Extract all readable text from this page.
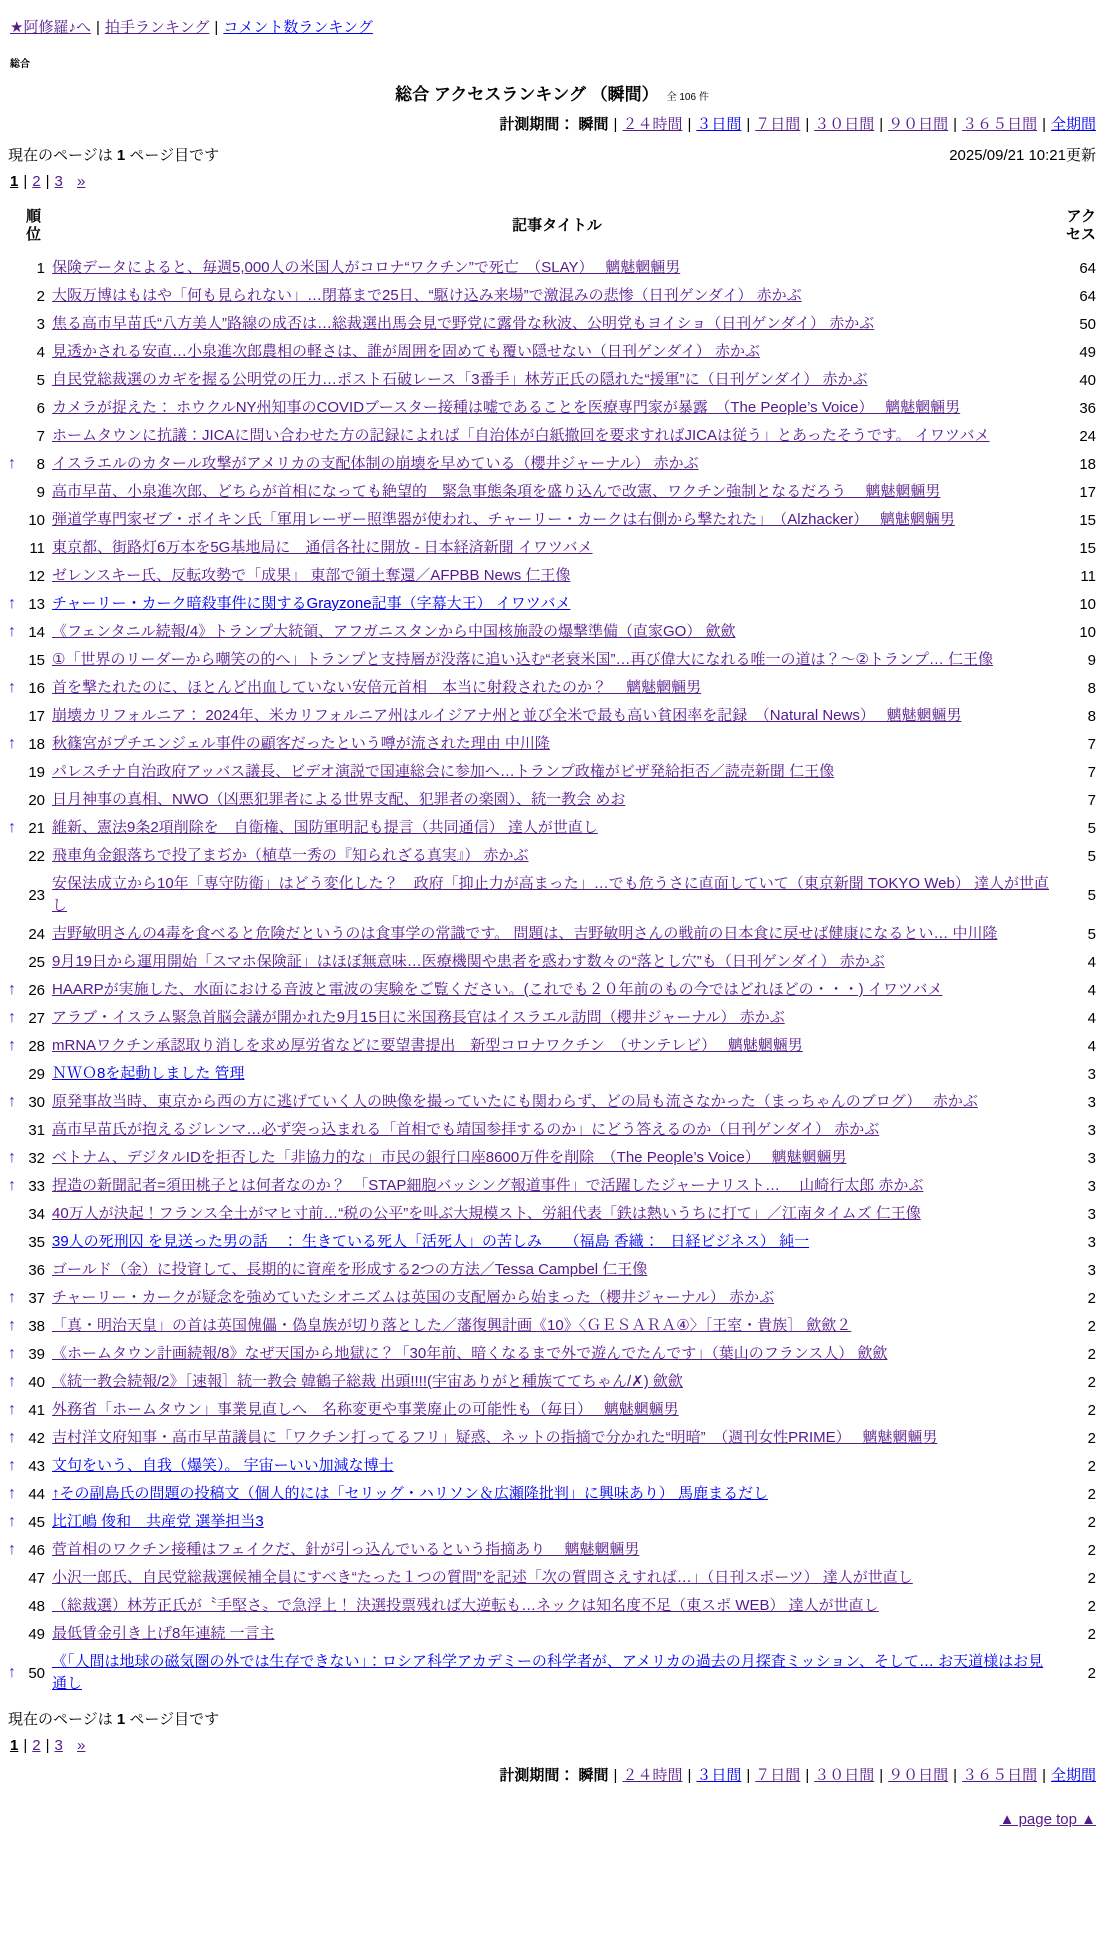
★阿修羅♪へ | 拍手ランキング | コメント数ランキング
総合
総合 アクセスランキング （瞬間） 全 106 件
計測期間： 瞬間 | ２４時間 | ３日間 | ７日間 | ３０日間 | ９０日間 | ３６５日間 | 全期間
現在のページは 1 ページ目です	2025/09/21 10:21更新
1 | 2 | 3 »
	順位	記事タイトル	アクセス
	1	保険データによると、毎週5,000人の米国人がコロナ“ワクチン”で死亡　（SLAY）　 魑魅魍魎男	64
	2	大阪万博はもはや「何も見られない」…閉幕まで25日、“駆け込み来場”で激混みの悲惨（日刊ゲンダイ） 赤かぶ	64
	3	焦る高市早苗氏“八方美人”路線の成否は…総裁選出馬会見で野党に露骨な秋波、公明党もヨイショ（日刊ゲンダイ） 赤かぶ	50
	4	見透かされる安直…小泉進次郎農相の軽さは、誰が周囲を固めても覆い隠せない（日刊ゲンダイ） 赤かぶ	49
	5	自民党総裁選のカギを握る公明党の圧力…ポスト石破レース「3番手」林芳正氏の隠れた“援軍”に（日刊ゲンダイ） 赤かぶ	40
	6	カメラが捉えた： ホウクルNY州知事のCOVIDブースター接種は嘘であることを医療専門家が暴露　（The People’s Voice）　 魑魅魍魎男	36
	7	ホームタウンに抗議：JICAに問い合わせた方の記録によれば「自治体が白紙撤回を要求すればJICAは従う」とあったそうです。 イワツバメ	24
↑	8	イスラエルのカタール攻撃がアメリカの支配体制の崩壊を早めている（櫻井ジャーナル） 赤かぶ	18
	9	高市早苗、小泉進次郎、どちらが首相になっても絶望的　緊急事態条項を盛り込んで改憲、ワクチン強制となるだろう　 魑魅魍魎男	17
	10	弾道学専門家ゼブ・ボイキン氏「軍用レーザー照準器が使われ、チャーリー・カークは右側から撃たれた」　（Alzhacker）　 魑魅魍魎男	15
	11	東京都、街路灯6万本を5G基地局に　通信各社に開放 - 日本経済新聞 イワツバメ	15
	12	ゼレンスキー氏、反転攻勢で「成果」 東部で領土奪還／AFPBB News 仁王像	11
↑	13	チャーリー・カーク暗殺事件に関するGrayzone記事（字幕大王） イワツバメ	10
↑	14	《フェンタニル続報/4》トランプ大統領、アフガニスタンから中国核施設の爆撃準備（直家GO） 歛歛	10
	15	①「世界のリーダーから嘲笑の的へ」トランプと支持層が没落に追い込む“老衰米国”…再び偉大になれる唯一の道は？～②トランプ… 仁王像	9
↑	16	首を撃たれたのに、ほとんど出血していない安倍元首相　本当に射殺されたのか？　 魑魅魍魎男	8
	17	崩壊カリフォルニア： 2024年、米カリフォルニア州はルイジアナ州と並び全米で最も高い貧困率を記録　（Natural News）　 魑魅魍魎男	8
↑	18	秋篠宮がプチエンジェル事件の顧客だったという噂が流された理由 中川隆	7
	19	パレスチナ自治政府アッバス議長、ビデオ演説で国連総会に参加へ…トランプ政権がビザ発給拒否／読売新聞 仁王像	7
	20	日月神事の真相、NWO（凶悪犯罪者による世界支配、犯罪者の楽園）、統一教会 めお	7
↑	21	維新、憲法9条2項削除を　自衛権、国防軍明記も提言（共同通信） 達人が世直し	5
	22	飛車角金銀落ちで投了まぢか（植草一秀の『知られざる真実』） 赤かぶ	5
	23	安保法成立から10年「専守防衛」はどう変化した？　政府「抑止力が高まった」…でも危うさに直面していて（東京新聞 TOKYO Web） 達人が世直し	5
	24	吉野敏明さんの4毒を食べると危険だというのは食事学の常識です。 問題は、吉野敏明さんの戦前の日本食に戻せば健康になるとい… 中川隆	5
	25	9月19日から運用開始「スマホ保険証」はほぼ無意味…医療機関や患者を惑わす数々の“落とし穴”も（日刊ゲンダイ） 赤かぶ	4
↑	26	HAARPが実施した、水面における音波と電波の実験をご覧ください。(これでも２０年前のもの今ではどれほどの・・・) イワツバメ	4
↑	27	アラブ・イスラム緊急首脳会議が開かれた9月15日に米国務長官はイスラエル訪問（櫻井ジャーナル） 赤かぶ	4
↑	28	mRNAワクチン承認取り消しを求め厚労省などに要望書提出　新型コロナワクチン　（サンテレビ）　 魑魅魍魎男	4
	29	ＮＷＯ8を起動しました 管理	3
↑	30	原発事故当時、東京から西の方に逃げていく人の映像を撮っていたにも関わらず、どの局も流さなかった（まっちゃんのブログ）　 赤かぶ	3
	31	高市早苗氏が抱えるジレンマ…必ず突っ込まれる「首相でも靖国参拝するのか」にどう答えるのか（日刊ゲンダイ） 赤かぶ	3
↑	32	ベトナム、デジタルIDを拒否した「非協力的な」市民の銀行口座8600万件を削除　（The People’s Voice）　 魑魅魍魎男	3
↑	33	捏造の新聞記者=須田桃子とは何者なのか？　「STAP細胞バッシング報道事件」で活躍したジャーナリスト…　 山崎行太郎 赤かぶ	3
	34	40万人が決起！フランス全土がマヒ寸前…“税の公平”を叫ぶ大規模スト、労組代表「鉄は熱いうちに打て」／江南タイムズ 仁王像	3
	35	39人の死刑囚 を見送った男の話　： 生きている死人「活死人」の苦しみ　　（福島 香織 ：　日経ビジネス） 純一	3
	36	ゴールド（金）に投資して、長期的に資産を形成する2つの方法／Tessa Campbel 仁王像	3
↑	37	チャーリー・カークが疑念を強めていたシオニズムは英国の支配層から始まった（櫻井ジャーナル） 赤かぶ	2
↑	38	「真・明治天皇」の首は英国傀儡・偽皇族が切り落とした／藩復興計画《10》〈ＧＥＳＡＲＡ④〉［王室・貴族］ 歛歛２	2
↑	39	《ホームタウン計画続報/8》なぜ天国から地獄に？「30年前、暗くなるまで外で遊んでたんです」（葉山のフランス人） 歛歛	2
↑	40	《統一教会続報/2》［速報］統一教会 韓鶴子総裁 出頭!!!!(宇宙ありがと種族ててちゃん/✗) 歛歛	2
↑	41	外務省「ホームタウン」事業見直しへ　名称変更や事業廃止の可能性も（毎日）　 魑魅魍魎男	2
↑	42	吉村洋文府知事・高市早苗議員に「ワクチン打ってるフリ」疑惑、ネットの指摘で分かれた“明暗”　（週刊女性PRIME）　 魑魅魍魎男	2
↑	43	文句をいう、自我（爆笑）。 宇宙ーいい加減な博士	2
↑	44	↑その副島氏の問題の投稿文（個人的には「セリッグ・ハリソン＆広瀬隆批判」に興味あり） 馬鹿まるだし	2
↑	45	比江嶋 俊和　共産党 選挙担当3	2
↑	46	菅首相のワクチン接種はフェイクだ、針が引っ込んでいるという指摘あり　 魑魅魍魎男	2
	47	小沢一郎氏、自民党総裁選候補全員にすべき“たった１つの質問”を記述「次の質問さえすれば…」（日刊スポーツ） 達人が世直し	2
	48	（総裁選）林芳正氏が〝手堅さ〟で急浮上！ 決選投票残れば大逆転も…ネックは知名度不足（東スポ WEB） 達人が世直し	2
	49	最低賃金引き上げ8年連続 一言主	2
↑	50	《「人間は地球の磁気圏の外では生存できない」：ロシア科学アカデミーの科学者が、アメリカの過去の月探査ミッション、そして… お天道様はお見通し	2
現在のページは 1 ページ目です
1 | 2 | 3 »
計測期間： 瞬間 | ２４時間 | ３日間 | ７日間 | ３０日間 | ９０日間 | ３６５日間 | 全期間
▲ page top ▲
